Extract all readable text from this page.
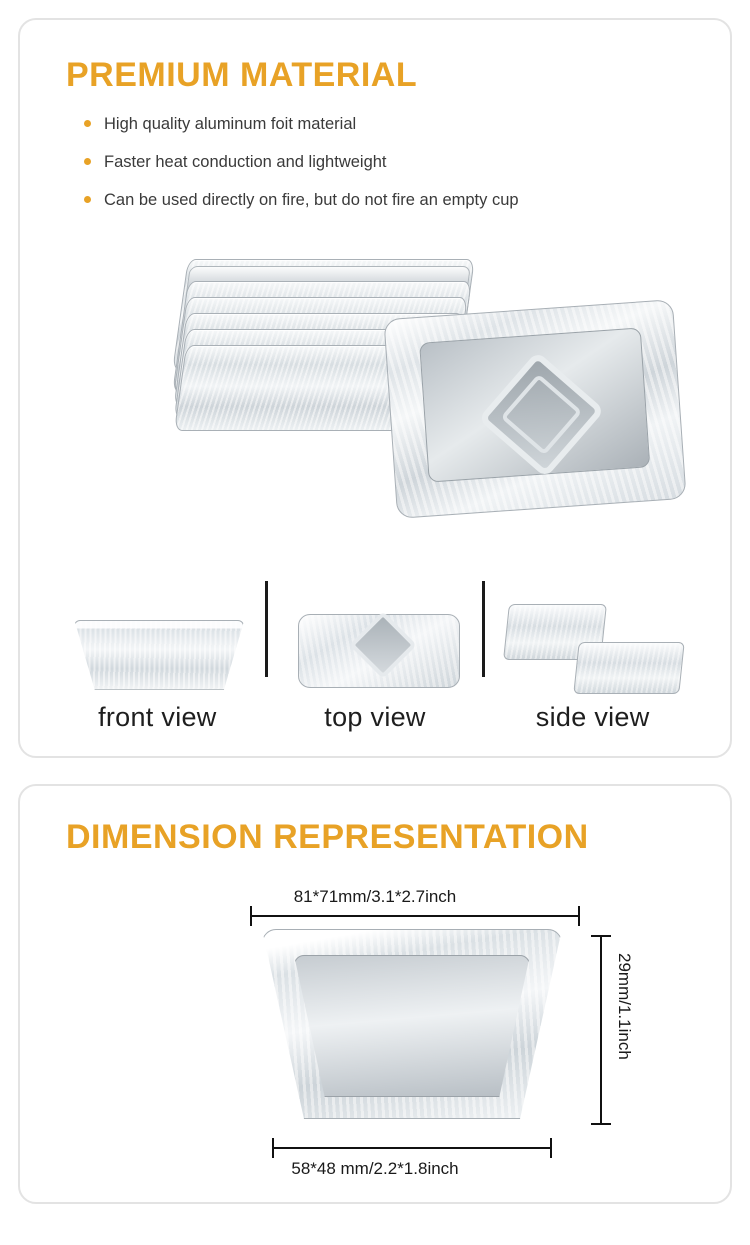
PREMIUM MATERIAL
High quality aluminum foit material
Faster heat conduction and lightweight
Can be used directly on fire, but do not fire an empty cup
front view	top view	side view
DIMENSION REPRESENTATION
81*71mm/3.1*2.7inch
29mm/1.1inch
58*48 mm/2.2*1.8inch
